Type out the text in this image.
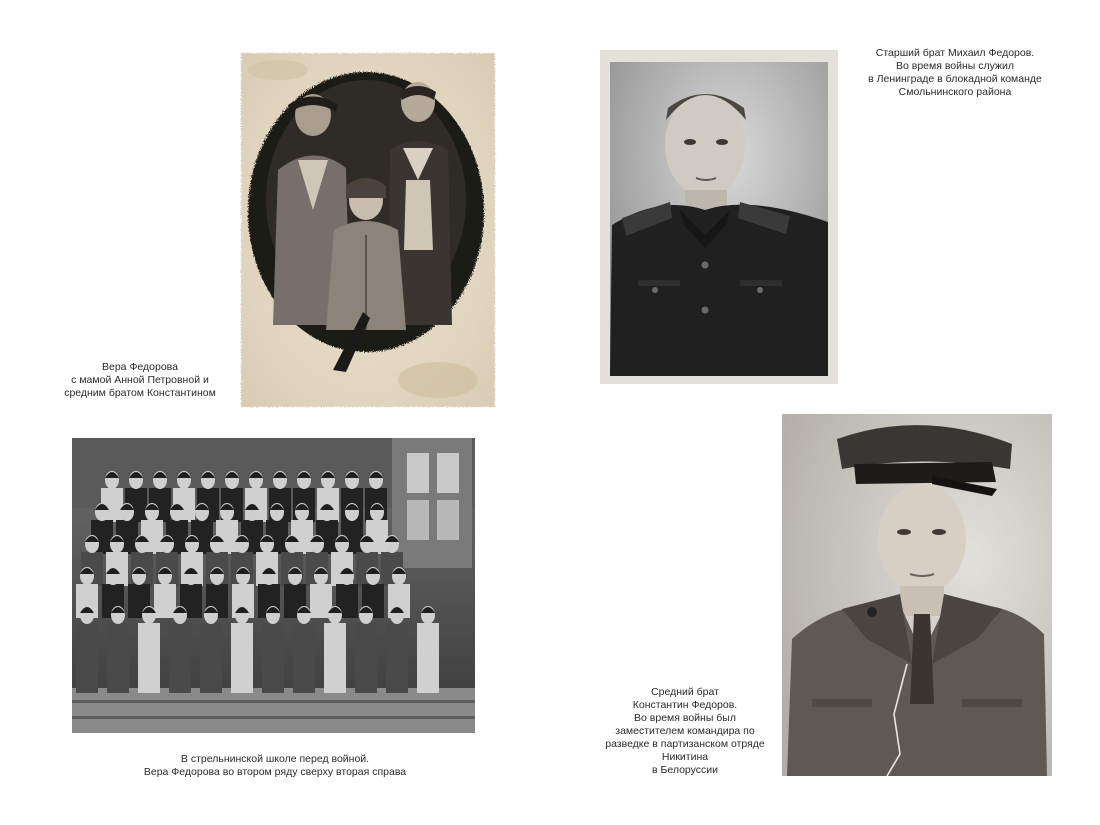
Вера Федорова
с мамой Анной Петровной и
средним братом Константином
Старший брат Михаил Федоров.
Во время войны служил
в Ленинграде в блокадной команде
Смольнинского района
В стрельнинской школе перед войной.
Вера Федорова во втором ряду сверху вторая справа
Средний брат
Константин Федоров.
Во время войны был
заместителем командира по
разведке в партизанском отряде
Никитина
в Белоруссии
